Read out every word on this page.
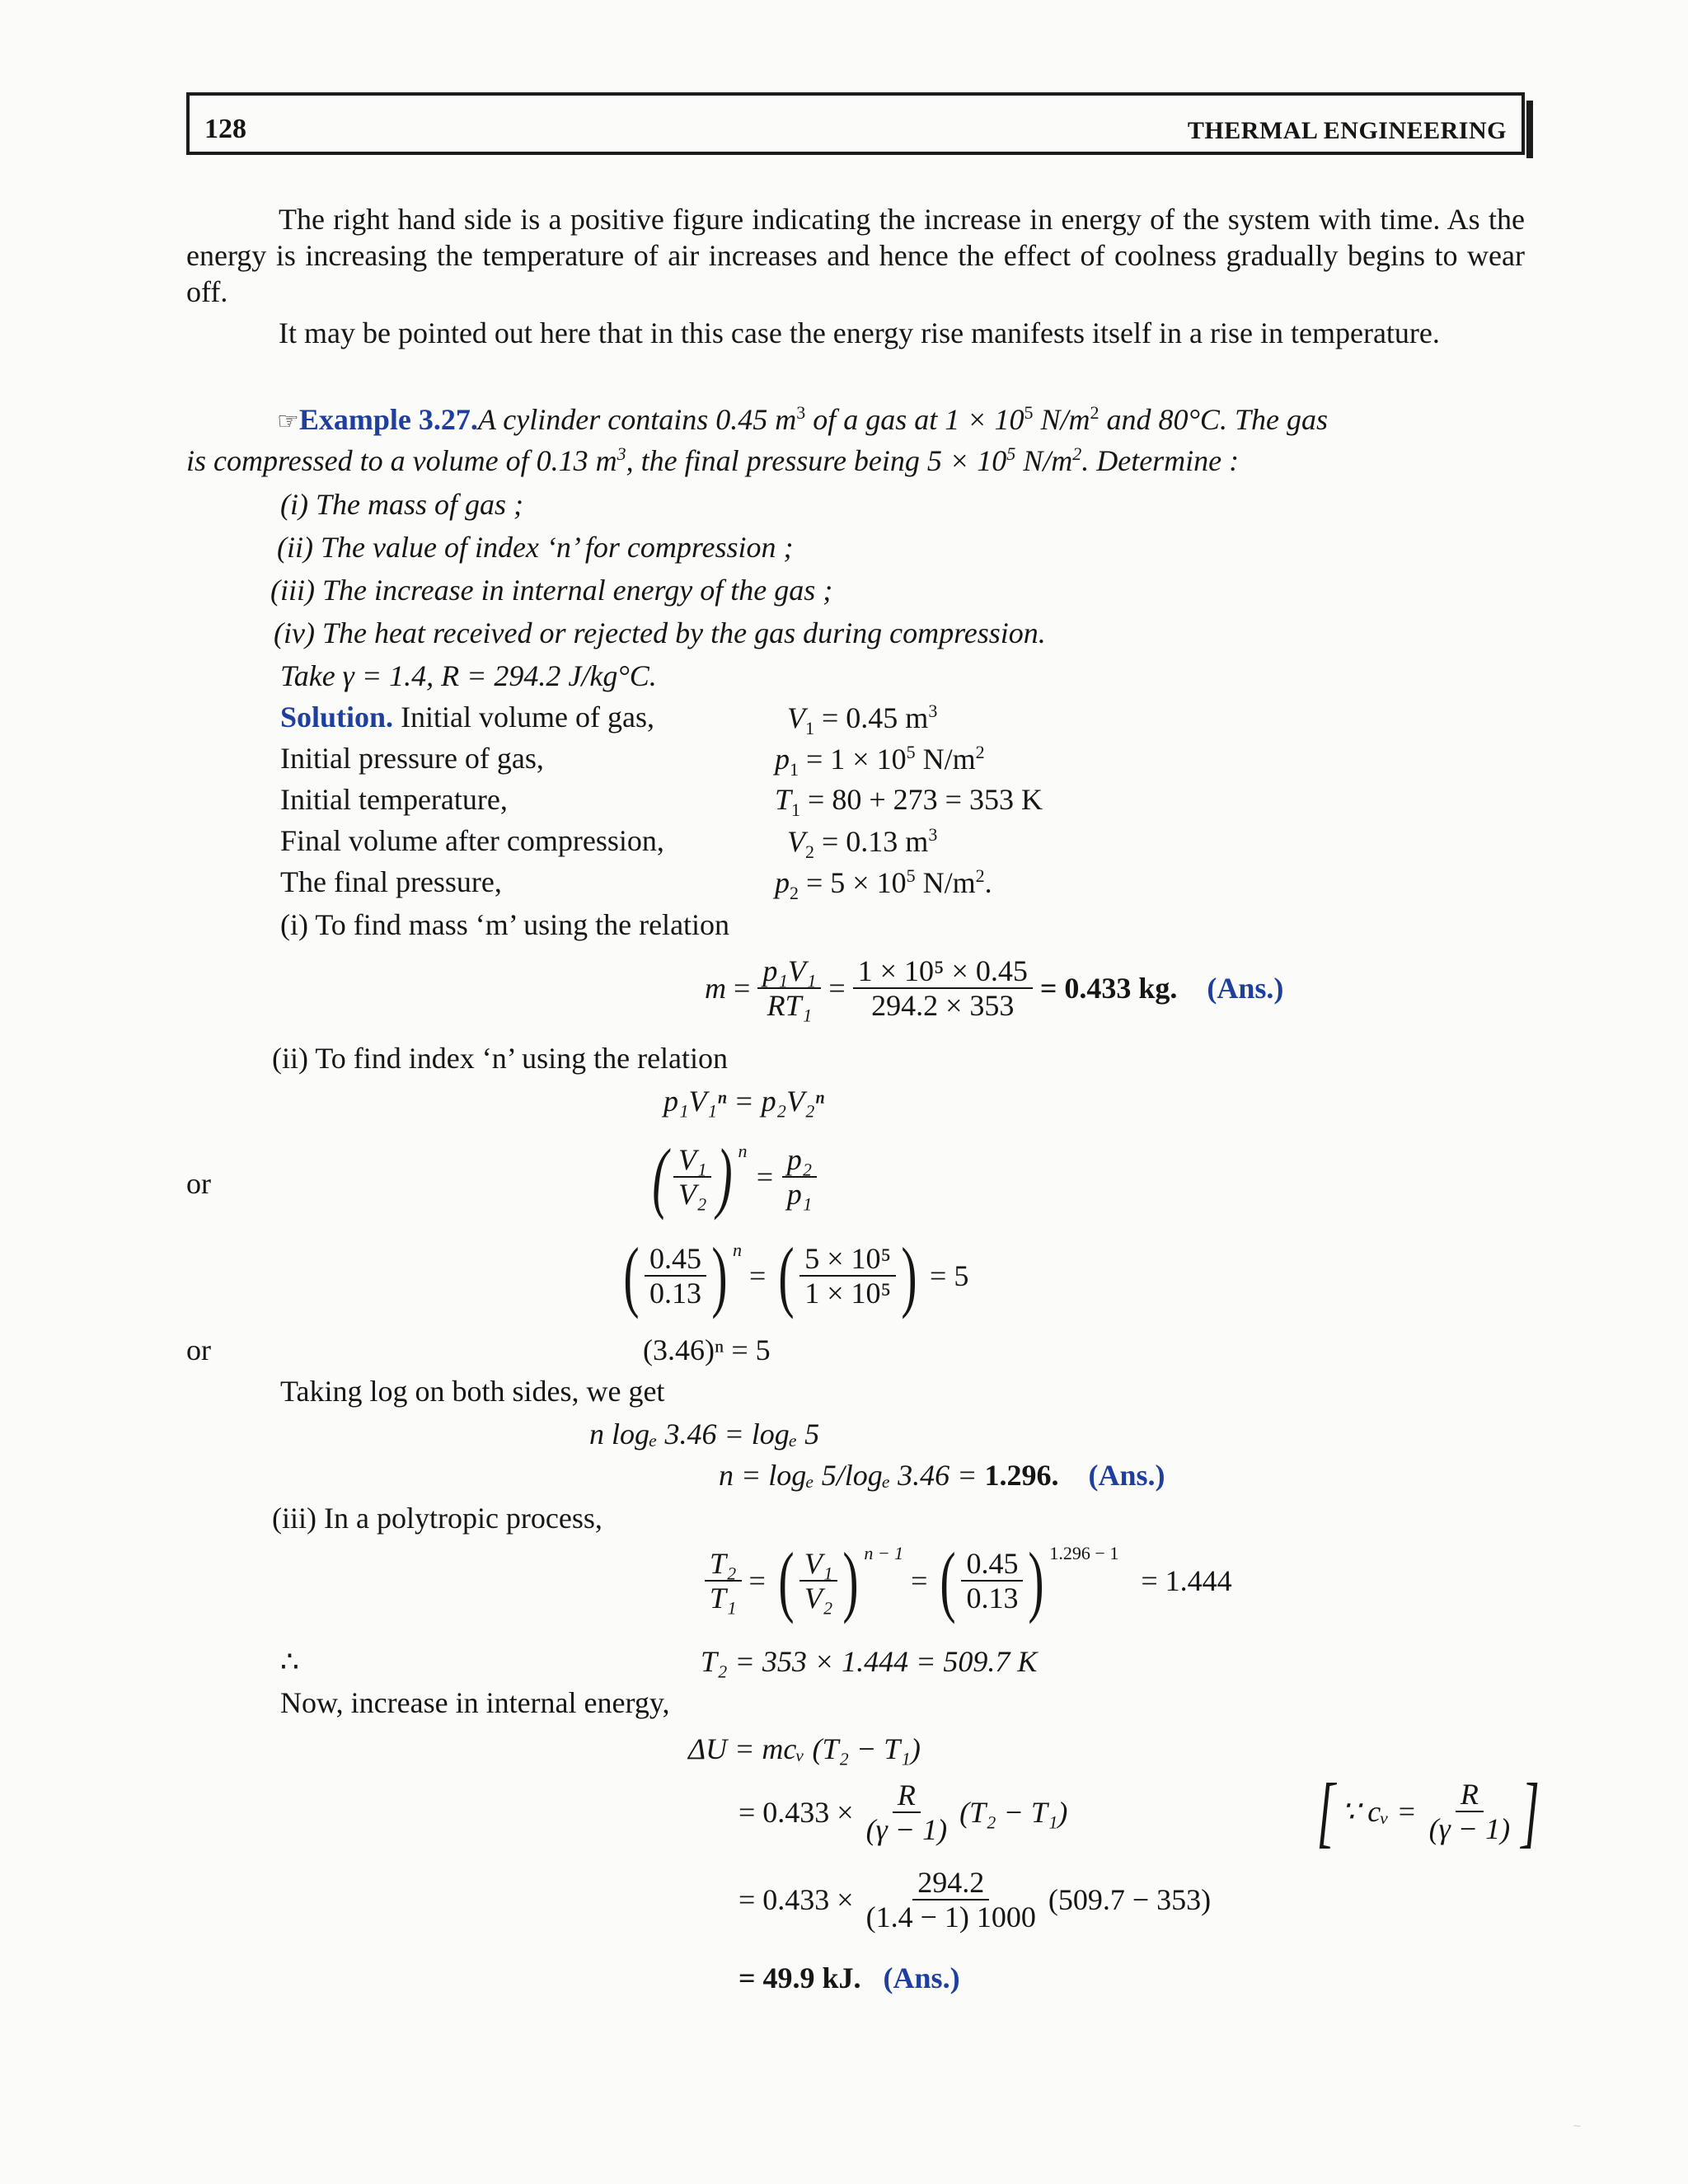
128	THERMAL ENGINEERING
The right hand side is a positive figure indicating the increase in energy of the system with time. As the energy is increasing the temperature of air increases and hence the effect of coolness gradually begins to wear off.
It may be pointed out here that in this case the energy rise manifests itself in a rise in temperature.
☞Example 3.27.A cylinder contains 0.45 $m^3$ of a gas at $1 \times 10^5$ $N/m^2$ and 80°C. The gas
is compressed to a volume of 0.13 $m^3$, the final pressure being $5 \times 10^5$ $N/m^2$. Determine :
(i) The mass of gas ;
(ii) The value of index ‘n’ for compression ;
(iii) The increase in internal energy of the gas ;
(iv) The heat received or rejected by the gas during compression.
Take γ = 1.4, R = 294.2 J/kg°C.
Solution. Initial volume of gas,	$V_1 = 0.45$ $m^3$
Initial pressure of gas,	$p_1 = 1 \times 10^5$ $N/m^2$
Initial temperature,	$T_1 = 80 + 273 = 353$ K
Final volume after compression,	$V_2 = 0.13$ $m^3$
The final pressure,	$p_2 = 5 \times 10^5$ $N/m^2$.
(i) To find mass ‘m’ using the relation
$m = \frac{\text{p₁V₁}}{\text{RT₁}} = \frac{\text{1 × 10⁵ × 0.45}}{294.2 \times 353}$
= 0.433 kg.
(Ans.)
(ii) To find index ‘n’ using the relation
p₁V₁ⁿ = p₂V₂ⁿ
or	( $\frac{\text{V₁}}{\text{V₂}}$ ) $^n$
= $\frac{\text{p₂}}{\text{p₁}}$
( $\frac{0.45}{0.13}$ ) $^n$
= ( $\frac{\text{5 × 10⁵}}{\text{1 × 10⁵}}$ )
= 5
or	(3.46)ⁿ = 5
Taking log on both sides, we get
n logₑ 3.46 = logₑ 5
n = logₑ 5/logₑ 3.46 = 1.296. (Ans.)
(iii) In a polytropic process,
$\frac{\text{T₂}}{\text{T₁}}$ = ( $\frac{\text{V₁}}{\text{V₂}}$ ) $^{n - 1}$
= ( $\frac{0.45}{0.13}$ ) $^{1.296 - 1}$

= 1.444
∴	T₂ = 353 × 1.444 = 509.7 K
Now, increase in internal energy,
ΔU = mcᵥ (T₂ − T₁)
= 0.433 ×
$\frac{R}{(\gamma - 1)}$
(T₂ − T₁)	[ ∵ cᵥ =
$\frac{R}{(\gamma - 1)}$ ]
= 0.433 ×
$\frac{294.2}{(1.4 - 1) 1000}$
(509.7 − 353)
= 49.9 kJ. (Ans.)
~
